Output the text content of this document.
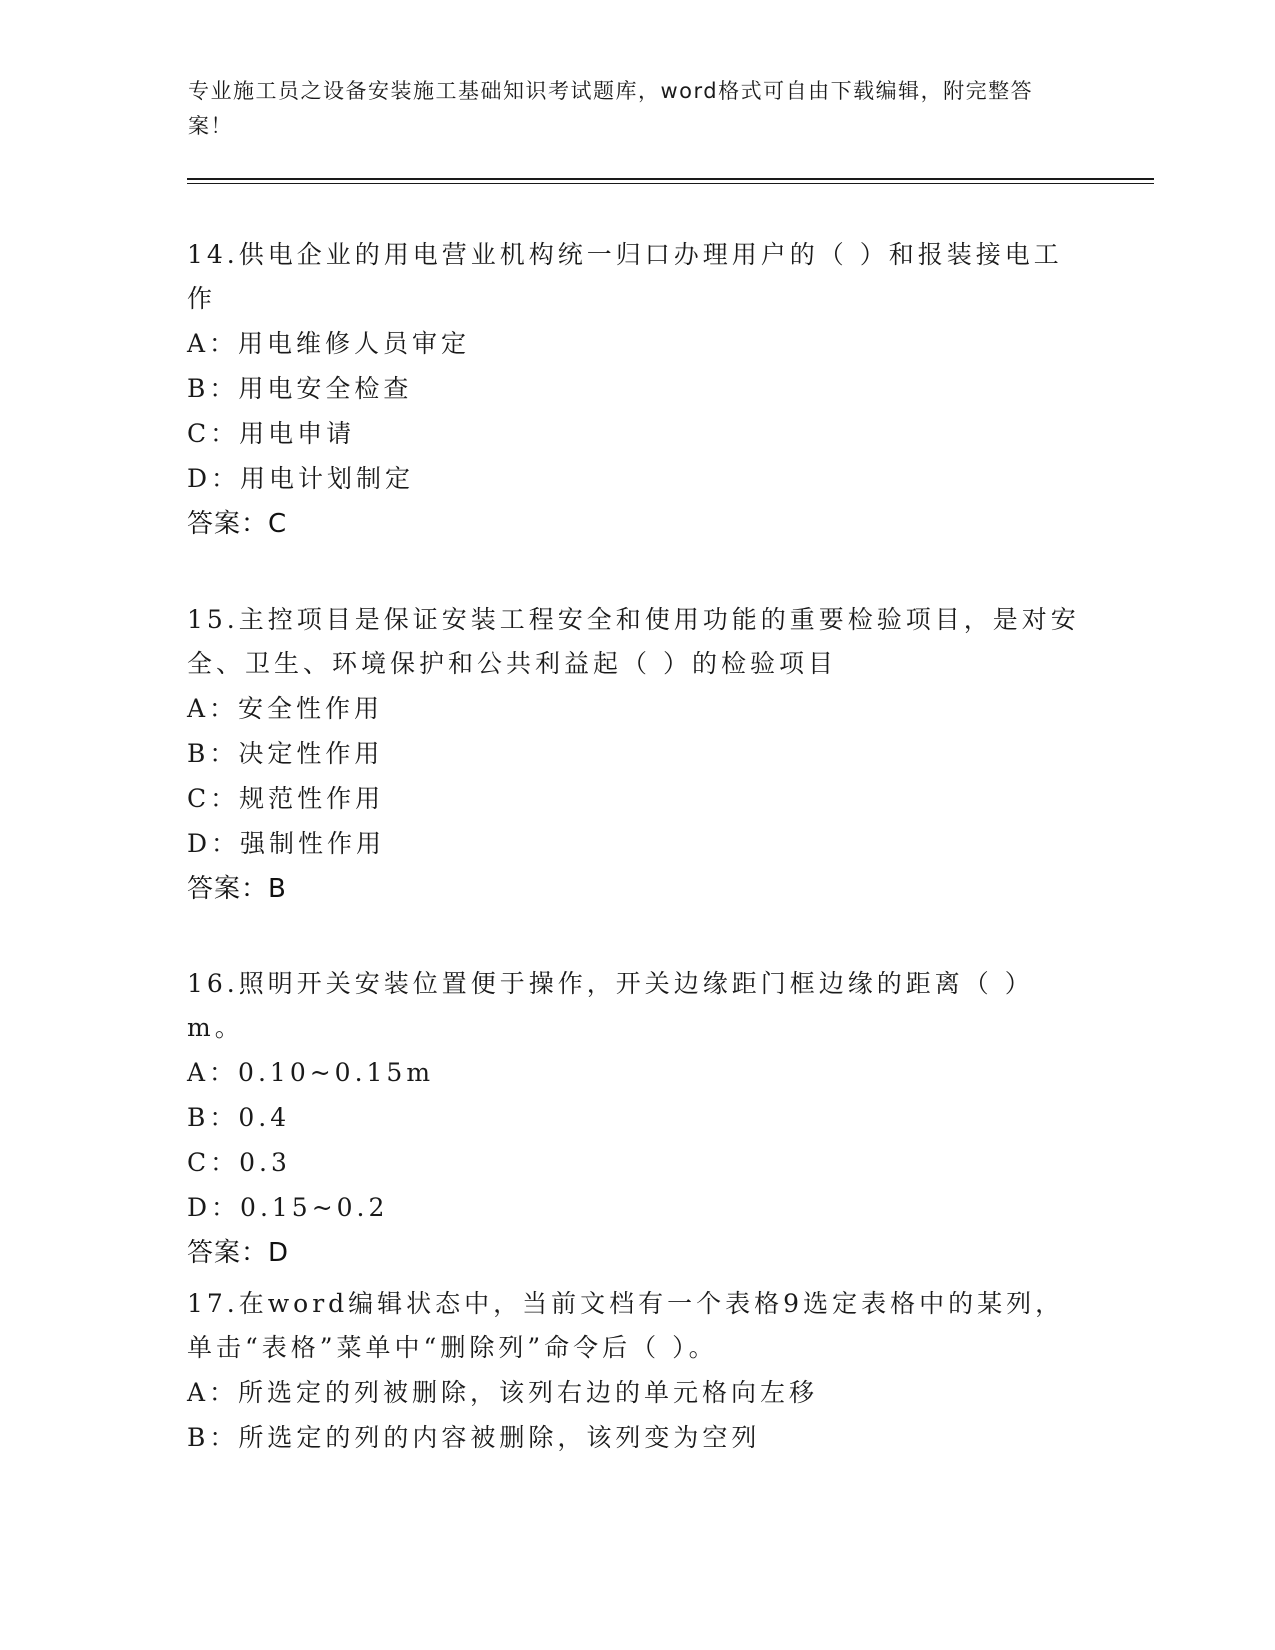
专业施工员之设备安装施工基础知识考试题库，word格式可自由下载编辑，附完整答案！

14.供电企业的用电营业机构统一归口办理用户的（ ）和报装接电工作

A：用电维修人员审定

B：用电安全检查

C：用电申请

D：用电计划制定

答案：C

15.主控项目是保证安装工程安全和使用功能的重要检验项目，是对安全、卫生、环境保护和公共利益起（ ）的检验项目

A：安全性作用

B：决定性作用

C：规范性作用

D：强制性作用

答案：B

16.照明开关安装位置便于操作，开关边缘距门框边缘的距离（ ）m。

A：0.10~0.15m

B：0.4

C：0.3

D：0.15~0.2

答案：D

17.在word编辑状态中，当前文档有一个表格9选定表格中的某列，单击“表格”菜单中“删除列”命令后（ ）。

A：所选定的列被删除，该列右边的单元格向左移

B：所选定的列的内容被删除，该列变为空列
